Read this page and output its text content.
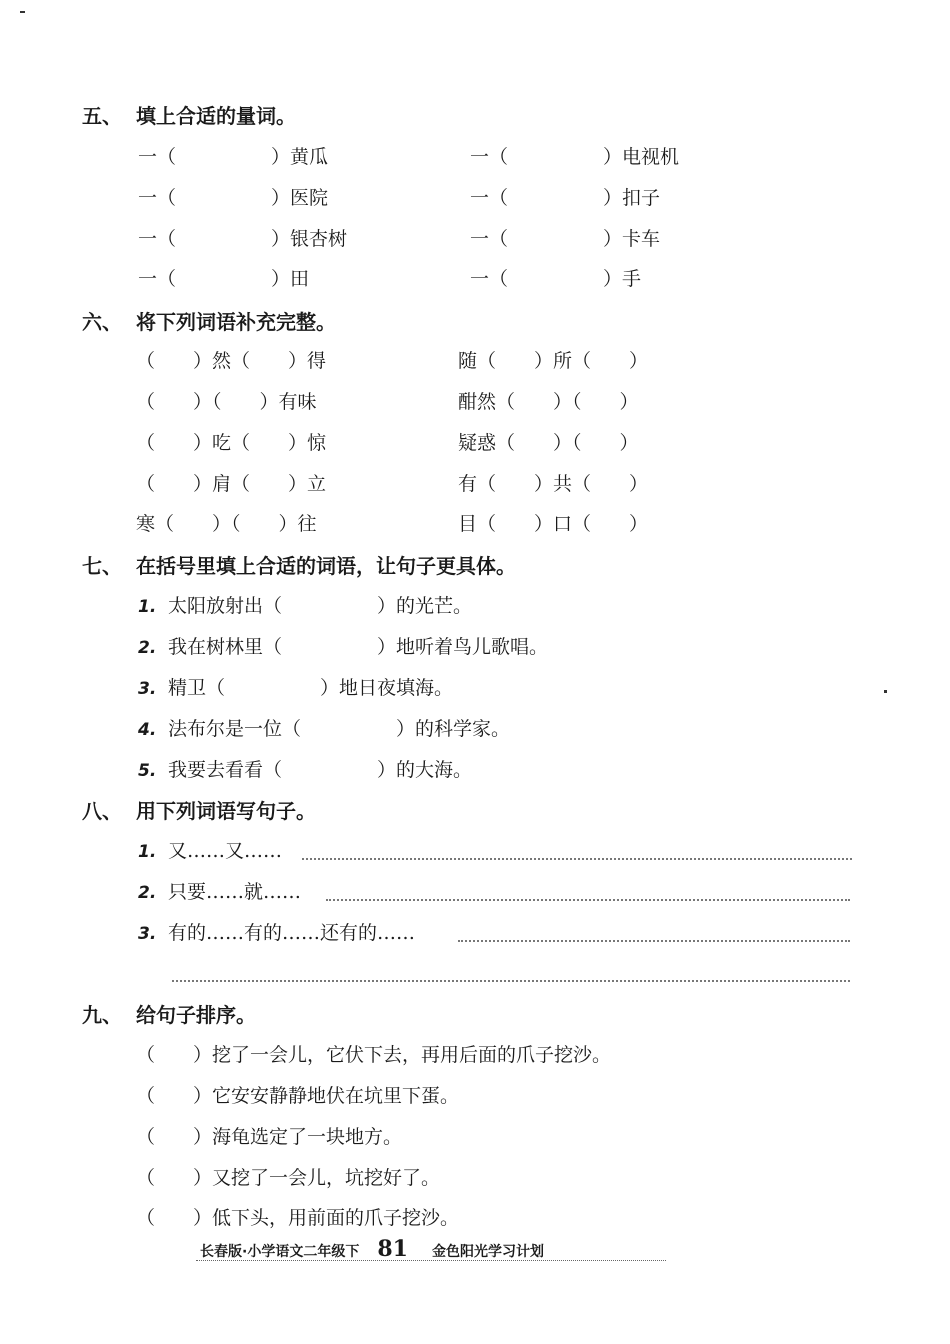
五、 填上合适的量词。
一（　　　　　）黄瓜
一（　　　　　）医院
一（　　　　　）银杏树
一（　　　　　）田
一（　　　　　）电视机
一（　　　　　）扣子
一（　　　　　）卡车
一（　　　　　）手
六、 将下列词语补充完整。
（　　）然（　　）得
（　　）（　　）有味
（　　）吃（　　）惊
（　　）肩（　　）立
寒（　　）（　　）往
随（　　）所（　　）
酣然（　　）（　　）
疑惑（　　）（　　）
有（　　）共（　　）
目（　　）口（　　）
七、 在括号里填上合适的词语，让句子更具体。
1. 太阳放射出（　　　　　）的光芒。
2. 我在树林里（　　　　　）地听着鸟儿歌唱。
3. 精卫（　　　　　）地日夜填海。
4. 法布尔是一位（　　　　　）的科学家。
5. 我要去看看（　　　　　）的大海。
八、 用下列词语写句子。
1. 又……又……
2. 只要……就……
3. 有的……有的……还有的……
九、 给句子排序。
（　　）挖了一会儿，它伏下去，再用后面的爪子挖沙。
（　　）它安安静静地伏在坑里下蛋。
（　　）海龟选定了一块地方。
（　　）又挖了一会儿，坑挖好了。
（　　）低下头，用前面的爪子挖沙。
长春版·小学语文二年级下 81 金色阳光学习计划
